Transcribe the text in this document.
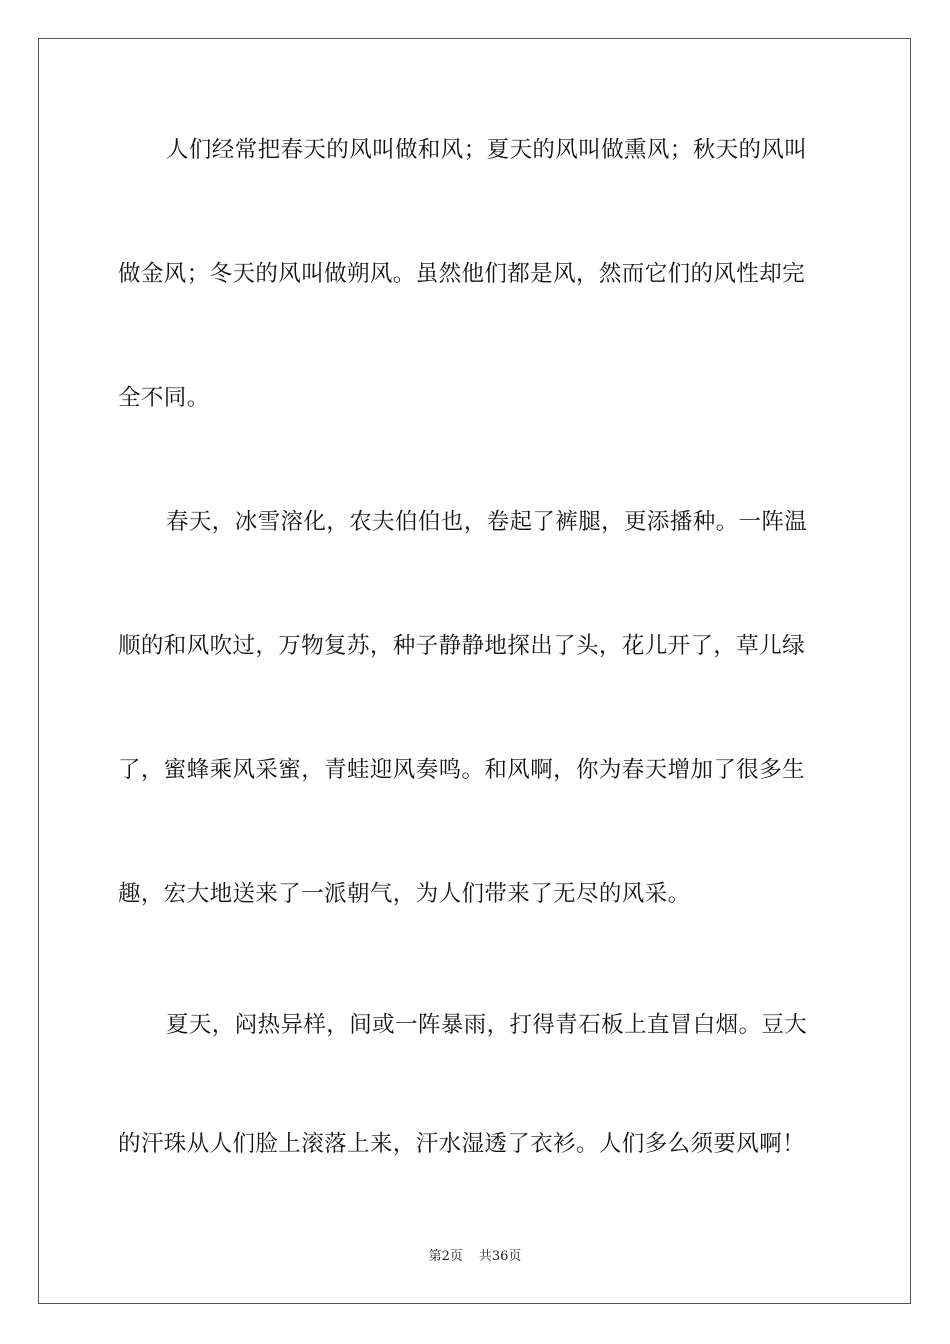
人们经常把春天的风叫做和风；夏天的风叫做熏风；秋天的风叫
做金风；冬天的风叫做朔风。虽然他们都是风，然而它们的风性却完
全不同。
春天，冰雪溶化，农夫伯伯也，卷起了裤腿，更添播种。一阵温
顺的和风吹过，万物复苏，种子静静地探出了头，花儿开了，草儿绿
了，蜜蜂乘风采蜜，青蛙迎风奏鸣。和风啊，你为春天增加了很多生
趣，宏大地送来了一派朝气，为人们带来了无尽的风采。
夏天，闷热异样，间或一阵暴雨，打得青石板上直冒白烟。豆大
的汗珠从人们脸上滚落上来，汗水湿透了衣衫。人们多么须要风啊！
第2页 共36页
